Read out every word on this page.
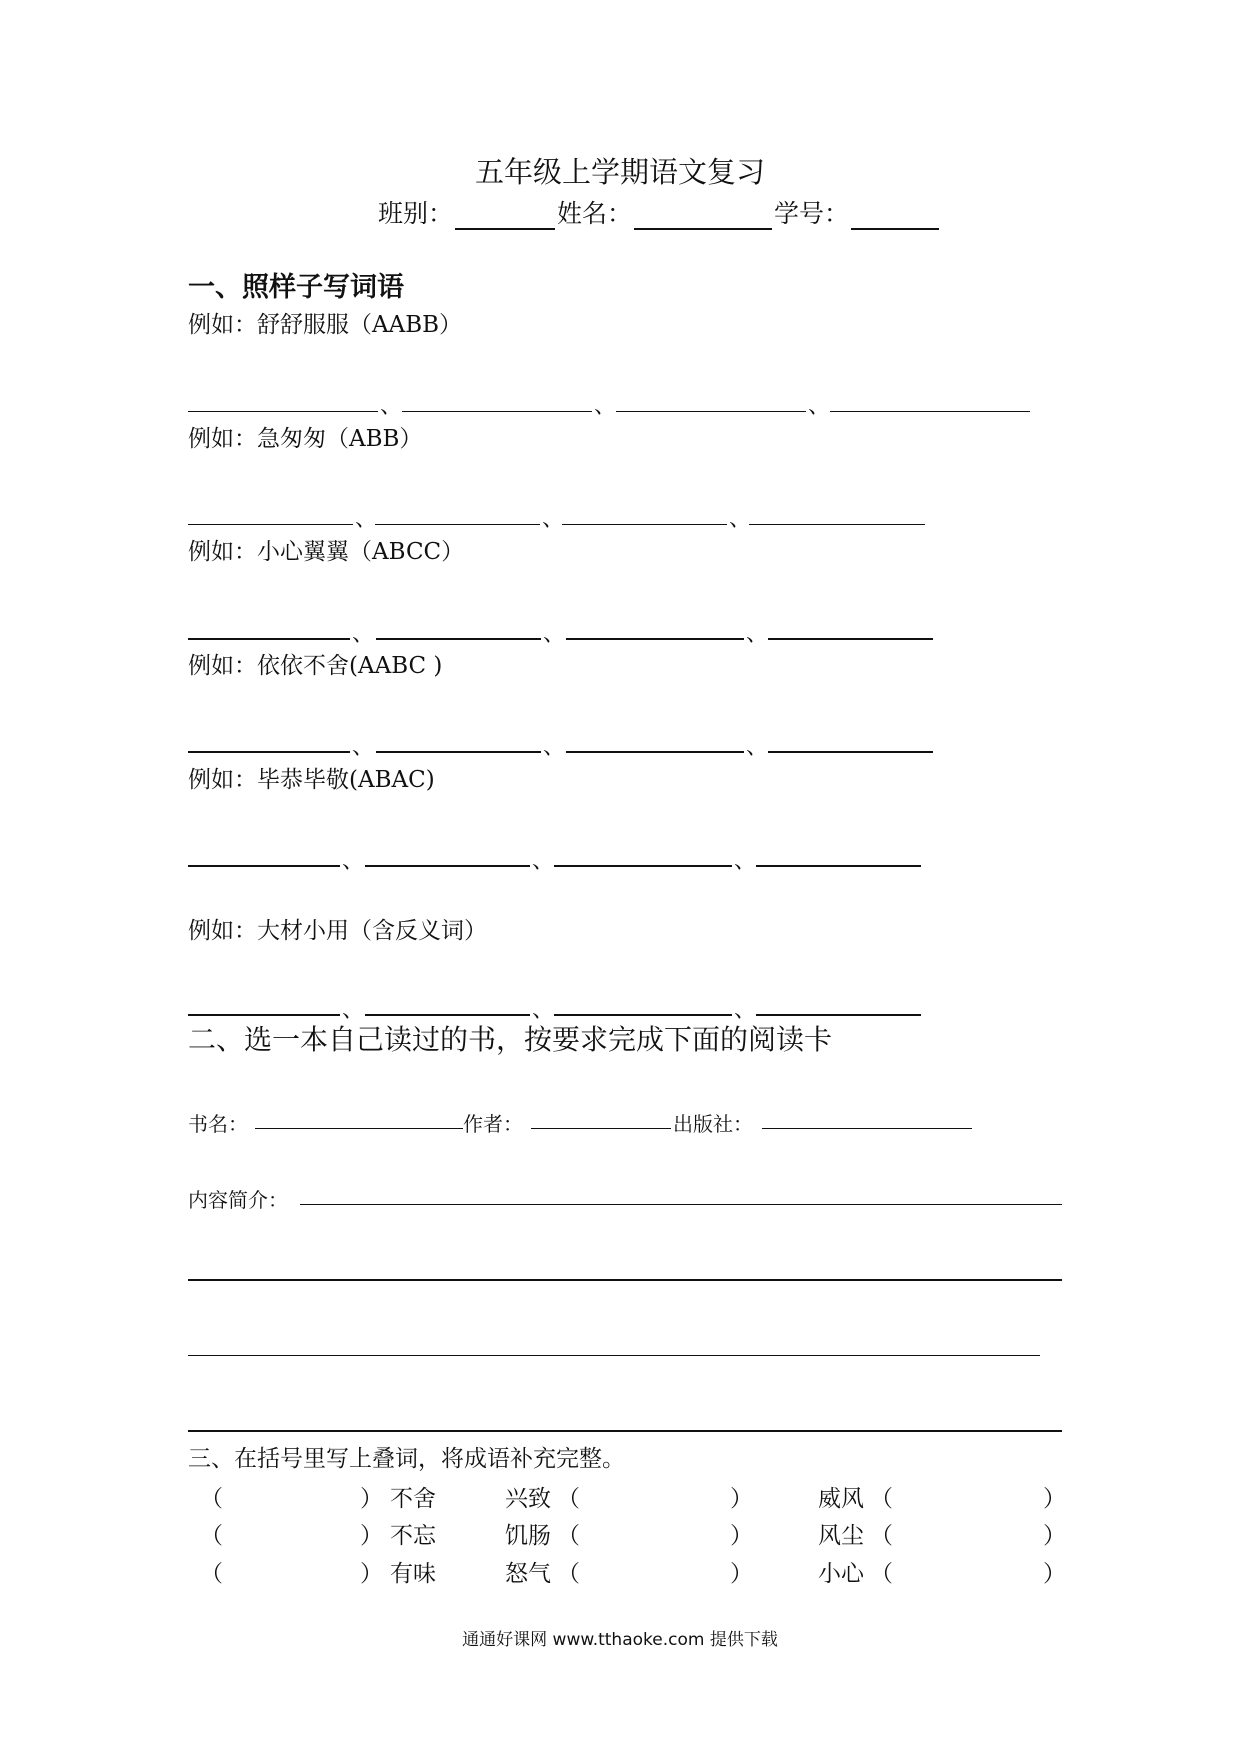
五年级上学期语文复习
班别：	姓名：	学号：
一、照样子写词语
例如：舒舒服服（AABB）
、	、	、
例如：急匆匆（ABB）
、	、	、
例如：小心翼翼（ABCC）
、	、	、
例如：依依不舍(AABC )
、	、	、
例如：毕恭毕敬(ABAC)
、	、	、
例如：大材小用（含反义词）
、	、	、
二、选一本自己读过的书，按要求完成下面的阅读卡
书名：	作者：	出版社：
内容简介：
三、在括号里写上叠词，将成语补充完整。
（	） 不舍	兴致 （	）	威风 （	）
（	） 不忘	饥肠 （	）	风尘 （	）
（	） 有味	怒气 （	）	小心 （	）
通通好课网 www.tthaoke.com 提供下载
